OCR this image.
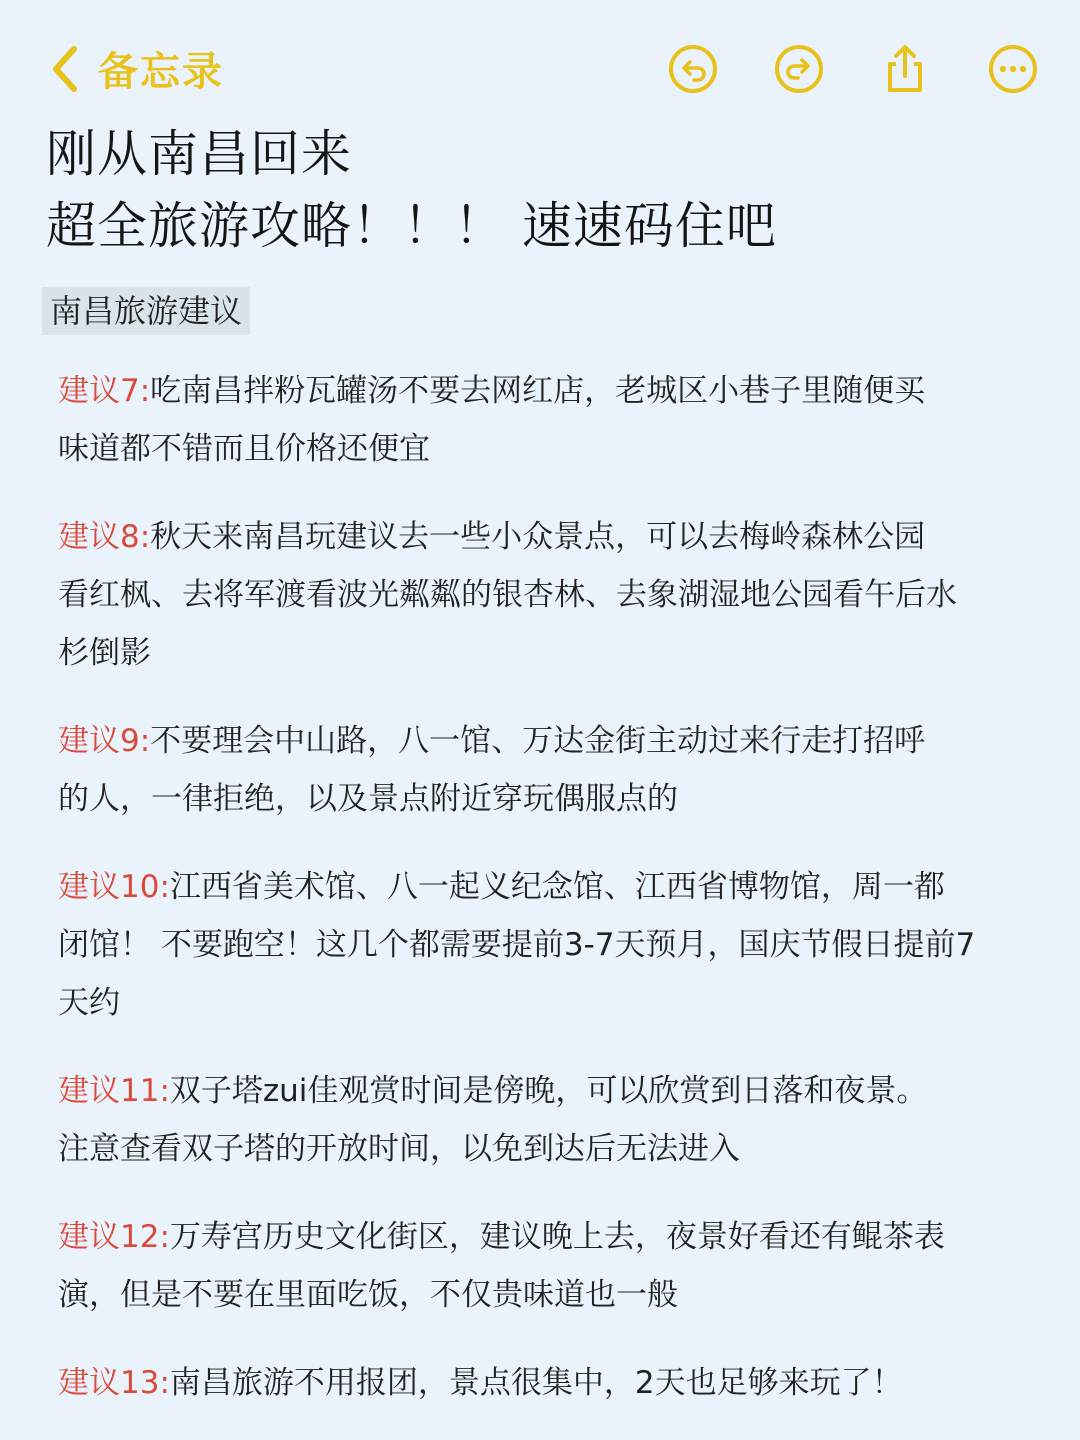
备忘录
刚从南昌回来
超全旅游攻略！！！ 速速码住吧
南昌旅游建议
建议7:吃南昌拌粉瓦罐汤不要去网红店，老城区小巷子里随便买
味道都不错而且价格还便宜
建议8:秋天来南昌玩建议去一些小众景点，可以去梅岭森林公园
看红枫、去将军渡看波光粼粼的银杏林、去象湖湿地公园看午后水
杉倒影
建议9:不要理会中山路，八一馆、万达金街主动过来行走打招呼
的人，一律拒绝，以及景点附近穿玩偶服点的
建议10:江西省美术馆、八一起义纪念馆、江西省博物馆，周一都
闭馆！ 不要跑空！这几个都需要提前3-7天预月，国庆节假日提前7
天约
建议11:双子塔zui佳观赏时间是傍晚，可以欣赏到日落和夜景。
注意查看双子塔的开放时间，以免到达后无法进入
建议12:万寿宫历史文化街区，建议晚上去，夜景好看还有鲲茶表
演，但是不要在里面吃饭，不仅贵味道也一般
建议13:南昌旅游不用报团，景点很集中，2天也足够来玩了！
